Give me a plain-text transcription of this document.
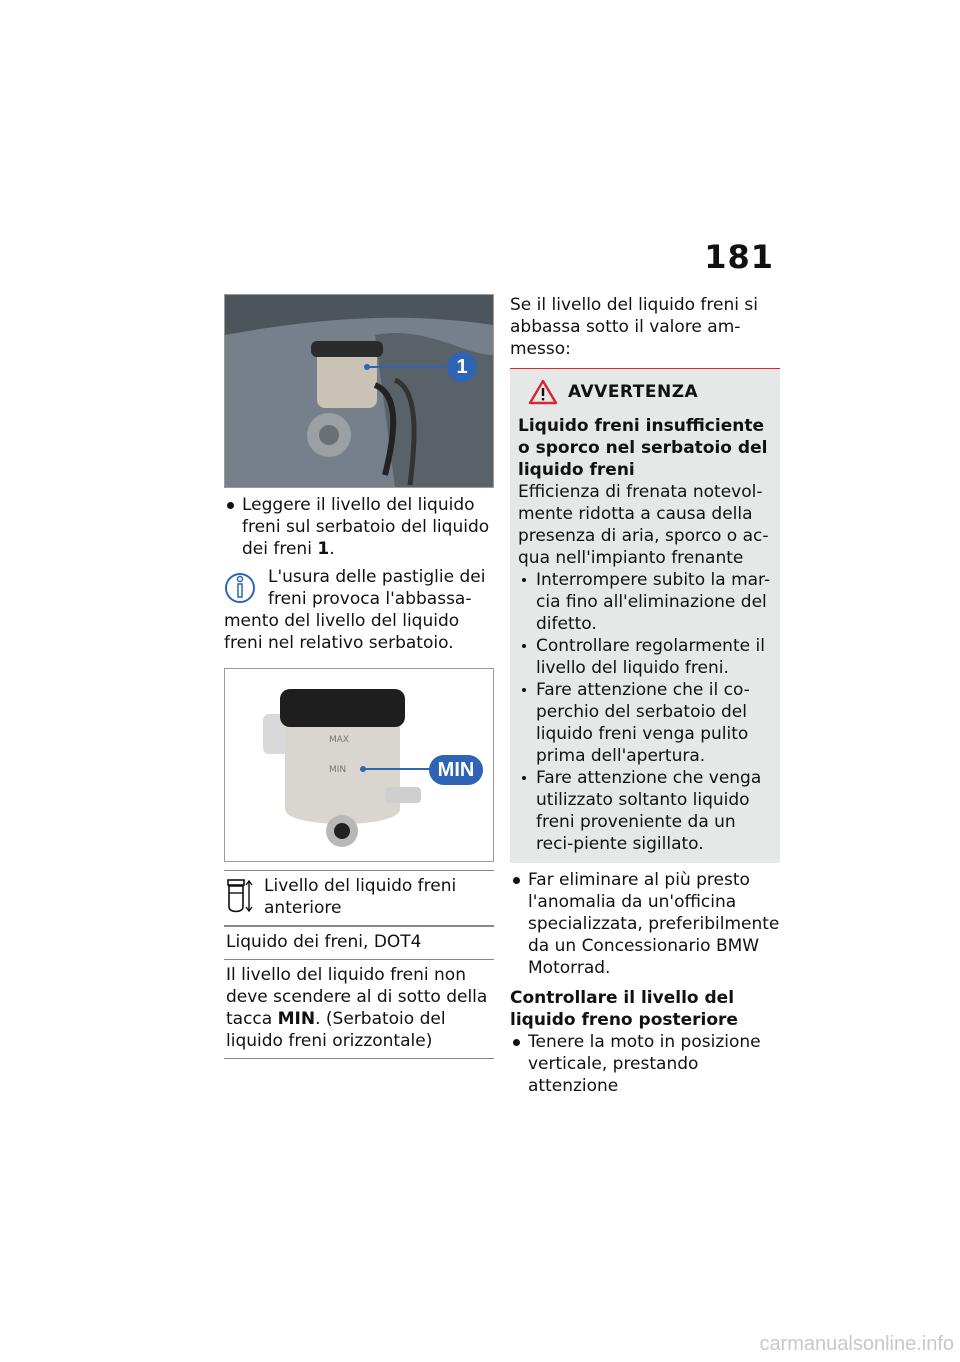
181
1
Leggere il livello del liquido freni sul serbatoio del liquido dei freni 1.
L'usura delle pastiglie dei
freni provoca l'abbassa-
mento del livello del liquido freni nel relativo serbatoio.
MAX
MIN	MIN
Livello del liquido freni anteriore

Liquido dei freni, DOT4
Il livello del liquido freni non deve scendere al di sotto della tacca MIN. (Serbatoio del liquido freni orizzontale)
Se il livello del liquido freni si abbassa sotto il valore am-messo:
AVVERTENZA
Liquido freni insufficiente o sporco nel serbatoio del liquido freni
Efficienza di frenata notevol-mente ridotta a causa della presenza di aria, sporco o ac-qua nell'impianto frenante
Interrompere subito la mar-cia fino all'eliminazione del difetto.
Controllare regolarmente il livello del liquido freni.
Fare attenzione che il co-perchio del serbatoio del liquido freni venga pulito prima dell'apertura.
Fare attenzione che venga utilizzato soltanto liquido freni proveniente da un reci-piente sigillato.
Far eliminare al più presto l'anomalia da un'officina specializzata, preferibilmente da un Concessionario BMW Motorrad.
Controllare il livello del liquido freno posteriore
Tenere la moto in posizione verticale, prestando attenzione
carmanualsonline.info
